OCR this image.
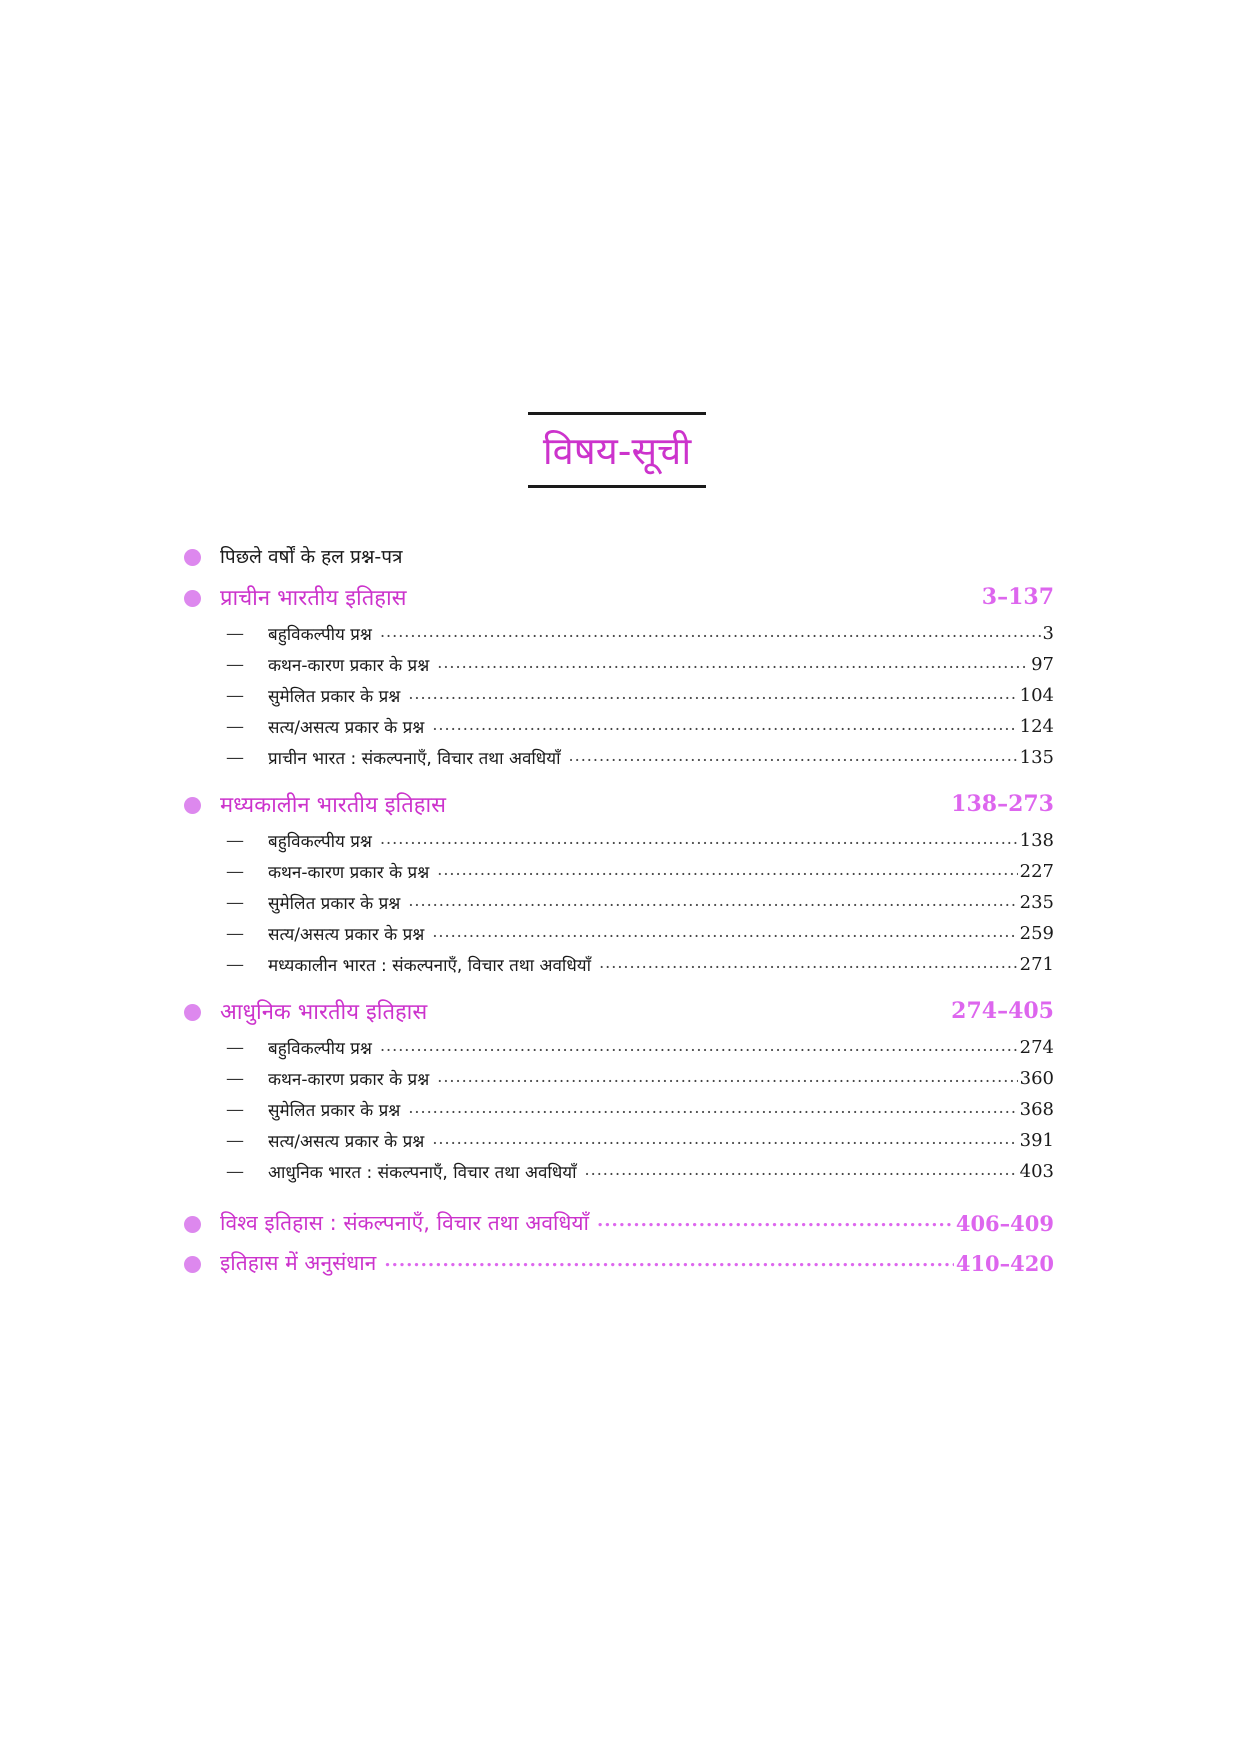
विषय-सूची
पिछले वर्षों के हल प्रश्न-पत्र
प्राचीन भारतीय इतिहास	3–137
—	बहुविकल्पीय प्रश्न .....	3
—	कथन-कारण प्रकार के प्रश्न .....	97
—	सुमेलित प्रकार के प्रश्न .....	104
—	सत्य/असत्य प्रकार के प्रश्न .....	124
—	प्राचीन भारत : संकल्पनाएँ, विचार तथा अवधियाँ .....	135
मध्यकालीन भारतीय इतिहास	138–273
—	बहुविकल्पीय प्रश्न .....	138
—	कथन-कारण प्रकार के प्रश्न .....	227
—	सुमेलित प्रकार के प्रश्न .....	235
—	सत्य/असत्य प्रकार के प्रश्न .....	259
—	मध्यकालीन भारत : संकल्पनाएँ, विचार तथा अवधियाँ .....	271
आधुनिक भारतीय इतिहास	274–405
—	बहुविकल्पीय प्रश्न .....	274
—	कथन-कारण प्रकार के प्रश्न .....	360
—	सुमेलित प्रकार के प्रश्न .....	368
—	सत्य/असत्य प्रकार के प्रश्न .....	391
—	आधुनिक भारत : संकल्पनाएँ, विचार तथा अवधियाँ .....	403
विश्व इतिहास : संकल्पनाएँ, विचार तथा अवधियाँ .....	406–409
इतिहास में अनुसंधान .....	410–420
